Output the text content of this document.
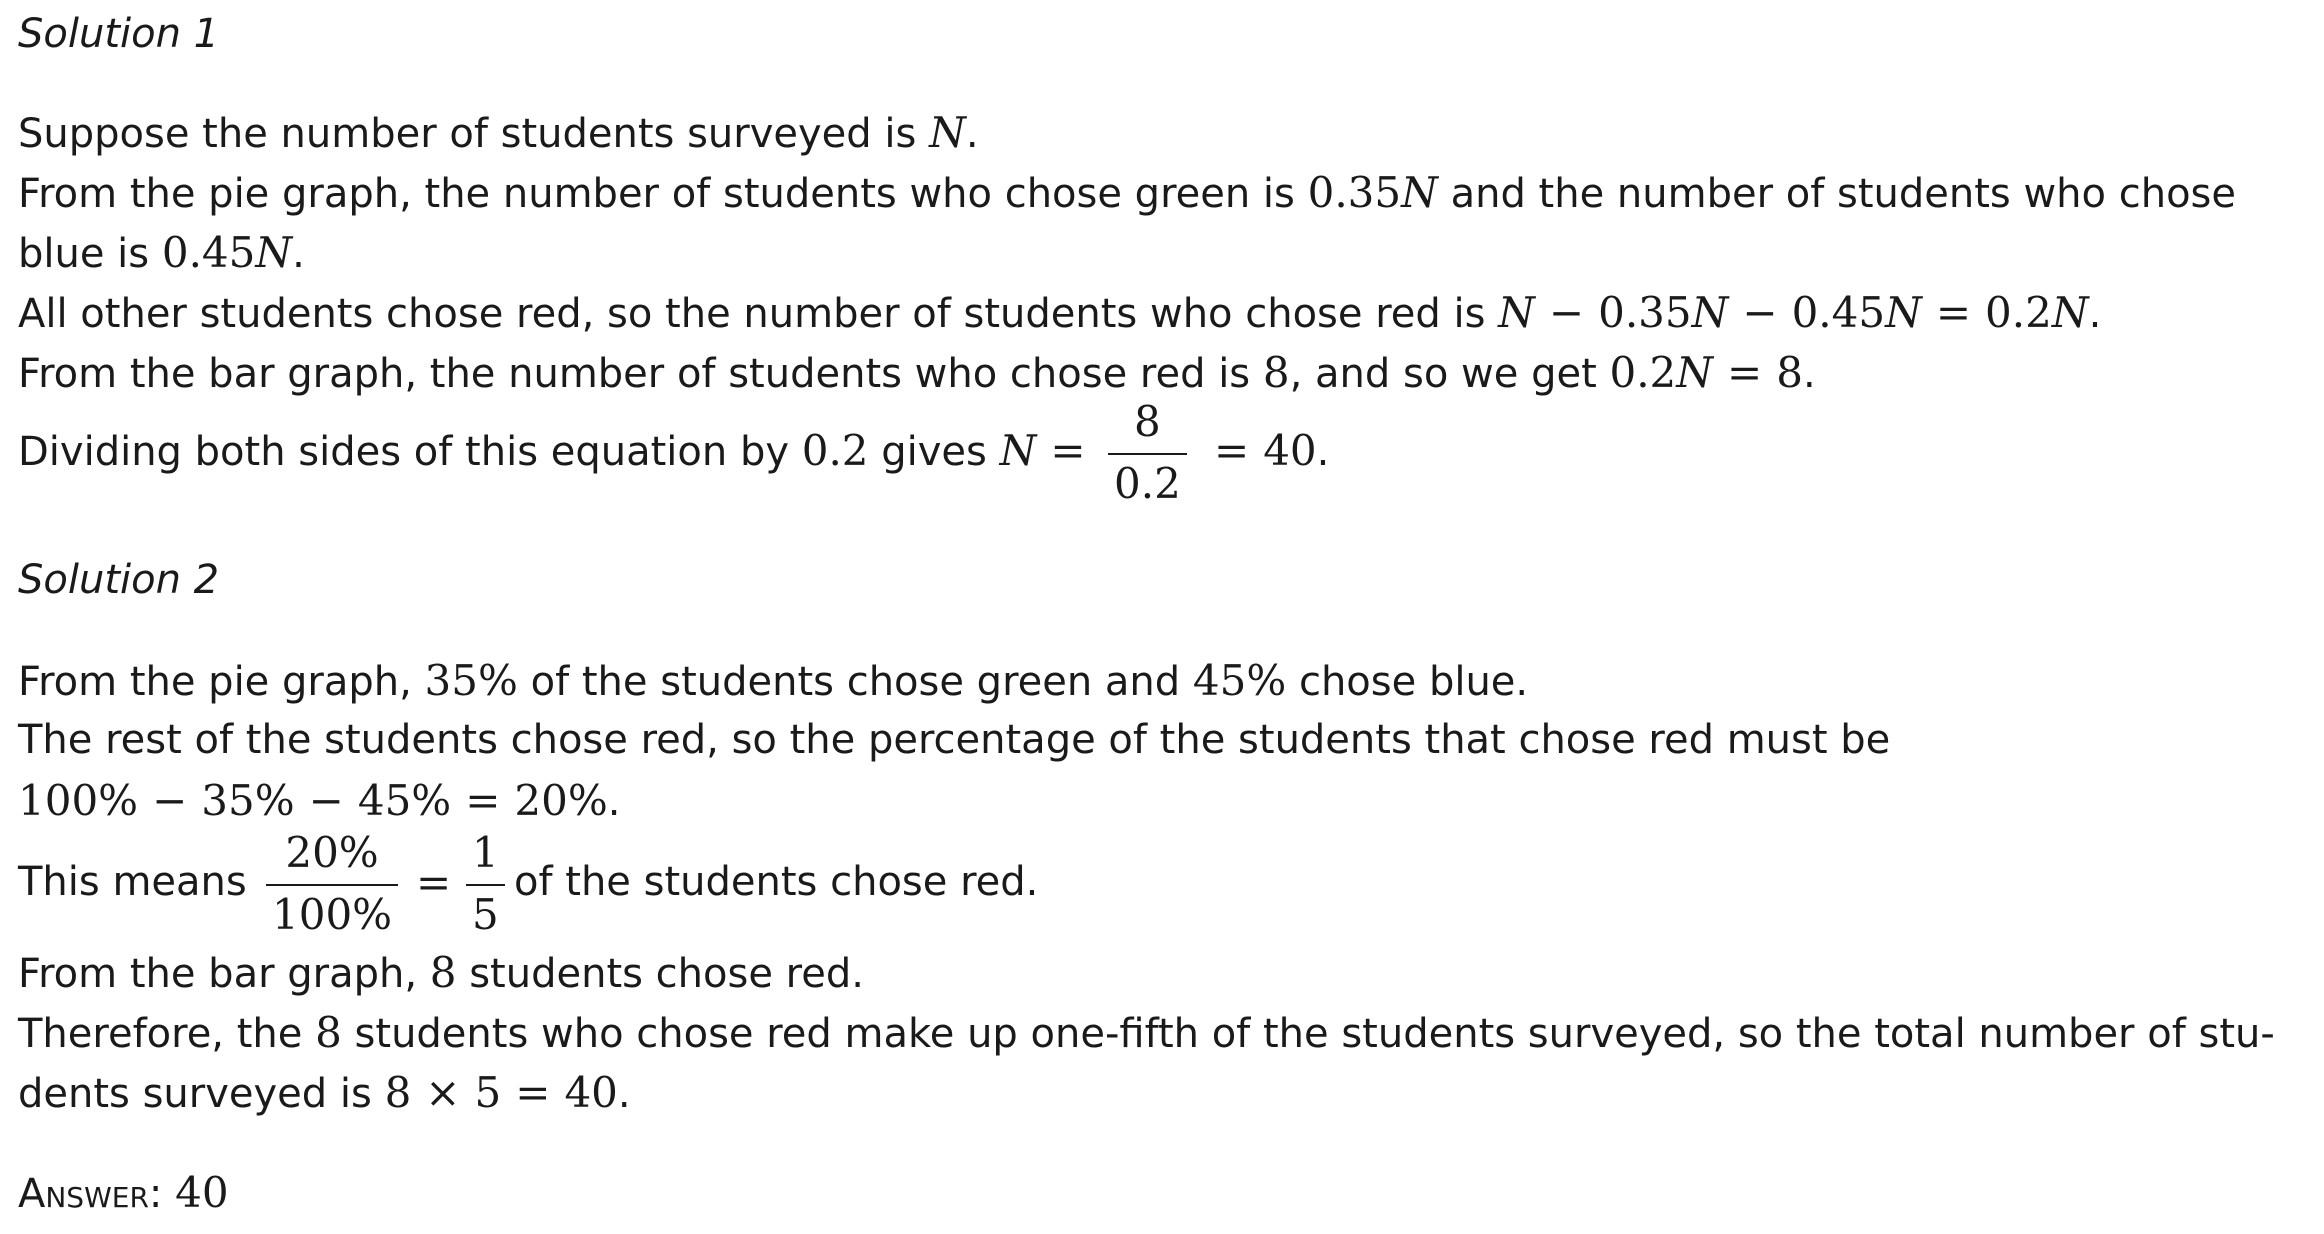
Solution 1
Suppose the number of students surveyed is N.
From the pie graph, the number of students who chose green is 0.35N and the number of students who chose
blue is 0.45N.
All other students chose red, so the number of students who chose red is N − 0.35N − 0.45N = 0.2N.
From the bar graph, the number of students who chose red is 8, and so we get 0.2N = 8.
Dividing both sides of this equation by 0.2 gives N =
8
0.2
= 40.
Solution 2
From the pie graph, 35% of the students chose green and 45% chose blue.
The rest of the students chose red, so the percentage of the students that chose red must be
100% − 35% − 45% = 20%.
This means
20%
100%
=
1
5
of the students chose red.
From the bar graph, 8 students chose red.
Therefore, the 8 students who chose red make up one-fifth of the students surveyed, so the total number of stu-
dents surveyed is 8 × 5 = 40.
Answer: 40
